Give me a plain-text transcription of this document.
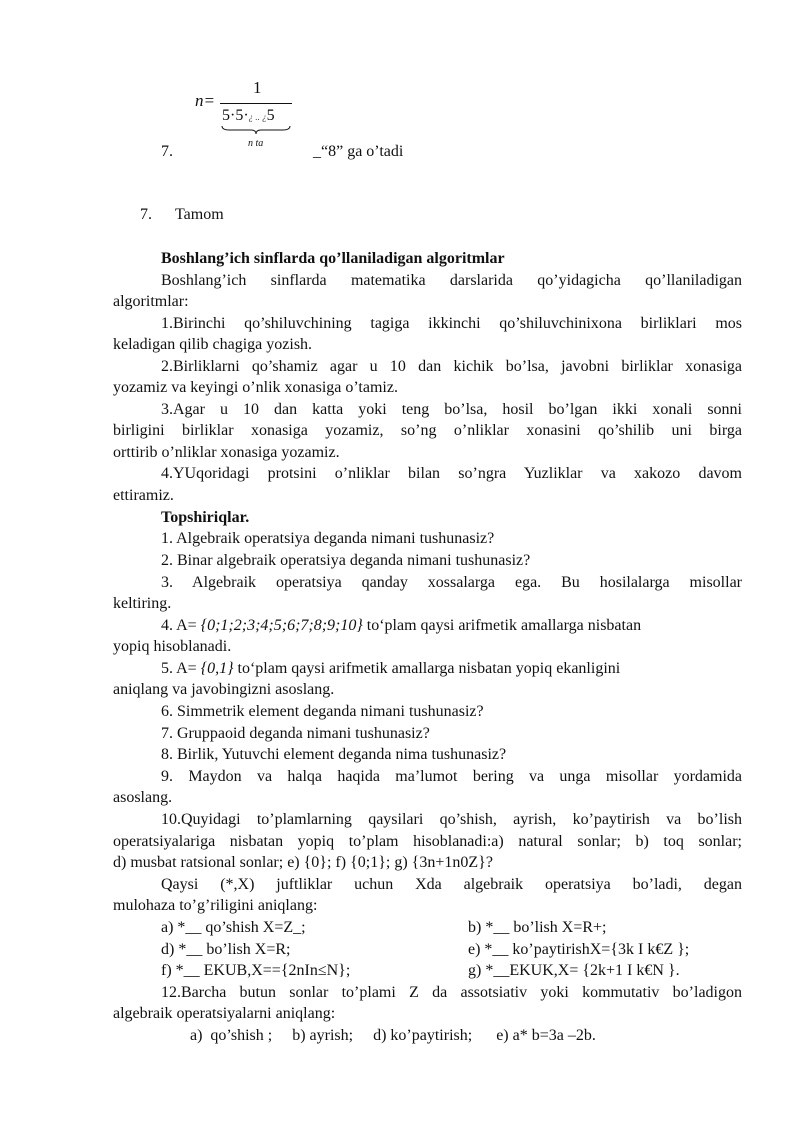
n=
1
5·5·¿ .. ¿5
n ta
7.	_“8” ga o’tadi
7. Tamom
Boshlang’ich sinflarda qo’llaniladigan algoritmlar
Boshlang’ich sinflarda matematika darslarida qo’yidagicha qo’llaniladigan
algoritmlar:
1.Birinchi qo’shiluvchining tagiga ikkinchi qo’shiluvchinixona birliklari mos
keladigan qilib chagiga yozish.
2.Birliklarni qo’shamiz agar u 10 dan kichik bo’lsa, javobni birliklar xonasiga
yozamiz va keyingi o’nlik xonasiga o’tamiz.
3.Agar u 10 dan katta yoki teng bo’lsa, hosil bo’lgan ikki xonali sonni
birligini birliklar xonasiga yozamiz, so’ng o’nliklar xonasini qo’shilib uni birga
orttirib o’nliklar xonasiga yozamiz.
4.YUqoridagi protsini o’nliklar bilan so’ngra Yuzliklar va xakozo davom
ettiramiz.
Topshiriqlar.
1. Algebraik operatsiya deganda nimani tushunasiz?
2. Binar algebraik operatsiya deganda nimani tushunasiz?
3. Algebraik operatsiya qanday xossalarga ega. Bu hosilalarga misollar
keltiring.
4. A= {0;1;2;3;4;5;6;7;8;9;10} to‘plam qaysi arifmetik amallarga nisbatan
yopiq hisoblanadi.
5. A= {0,1} to‘plam qaysi arifmetik amallarga nisbatan yopiq ekanligini
aniqlang va javobingizni asoslang.
6. Simmetrik element deganda nimani tushunasiz?
7. Gruppaoid deganda nimani tushunasiz?
8. Birlik, Yutuvchi element deganda nima tushunasiz?
9. Maydon va halqa haqida ma’lumot bering va unga misollar yordamida
asoslang.
10.Quyidagi to’plamlarning qaysilari qo’shish, ayrish, ko’paytirish va bo’lish
operatsiyalariga nisbatan yopiq to’plam hisoblanadi:a) natural sonlar; b) toq sonlar;
d) musbat ratsional sonlar; e) {0}; f) {0;1}; g) {3n+1n0Z}?
Qaysi (*,X) juftliklar uchun Xda algebraik operatsiya bo’ladi, degan
mulohaza to’g’riligini aniqlang:
a) *__ qo’shish X=Z_;	b) *__ bo’lish X=R+;
d) *__ bo’lish X=R;	e) *__ ko’paytirishX={3k I k€Z };
f) *__ EKUB,X=={2nIn≤N};	g) *__EKUK,X= {2k+1 I k€N }.
12.Barcha butun sonlar to’plami Z da assotsiativ yoki kommutativ bo’ladigon
algebraik operatsiyalarni aniqlang:
a)  qo’shish ;     b) ayrish;     d) ko’paytirish;      e) a* b=3a –2b.
